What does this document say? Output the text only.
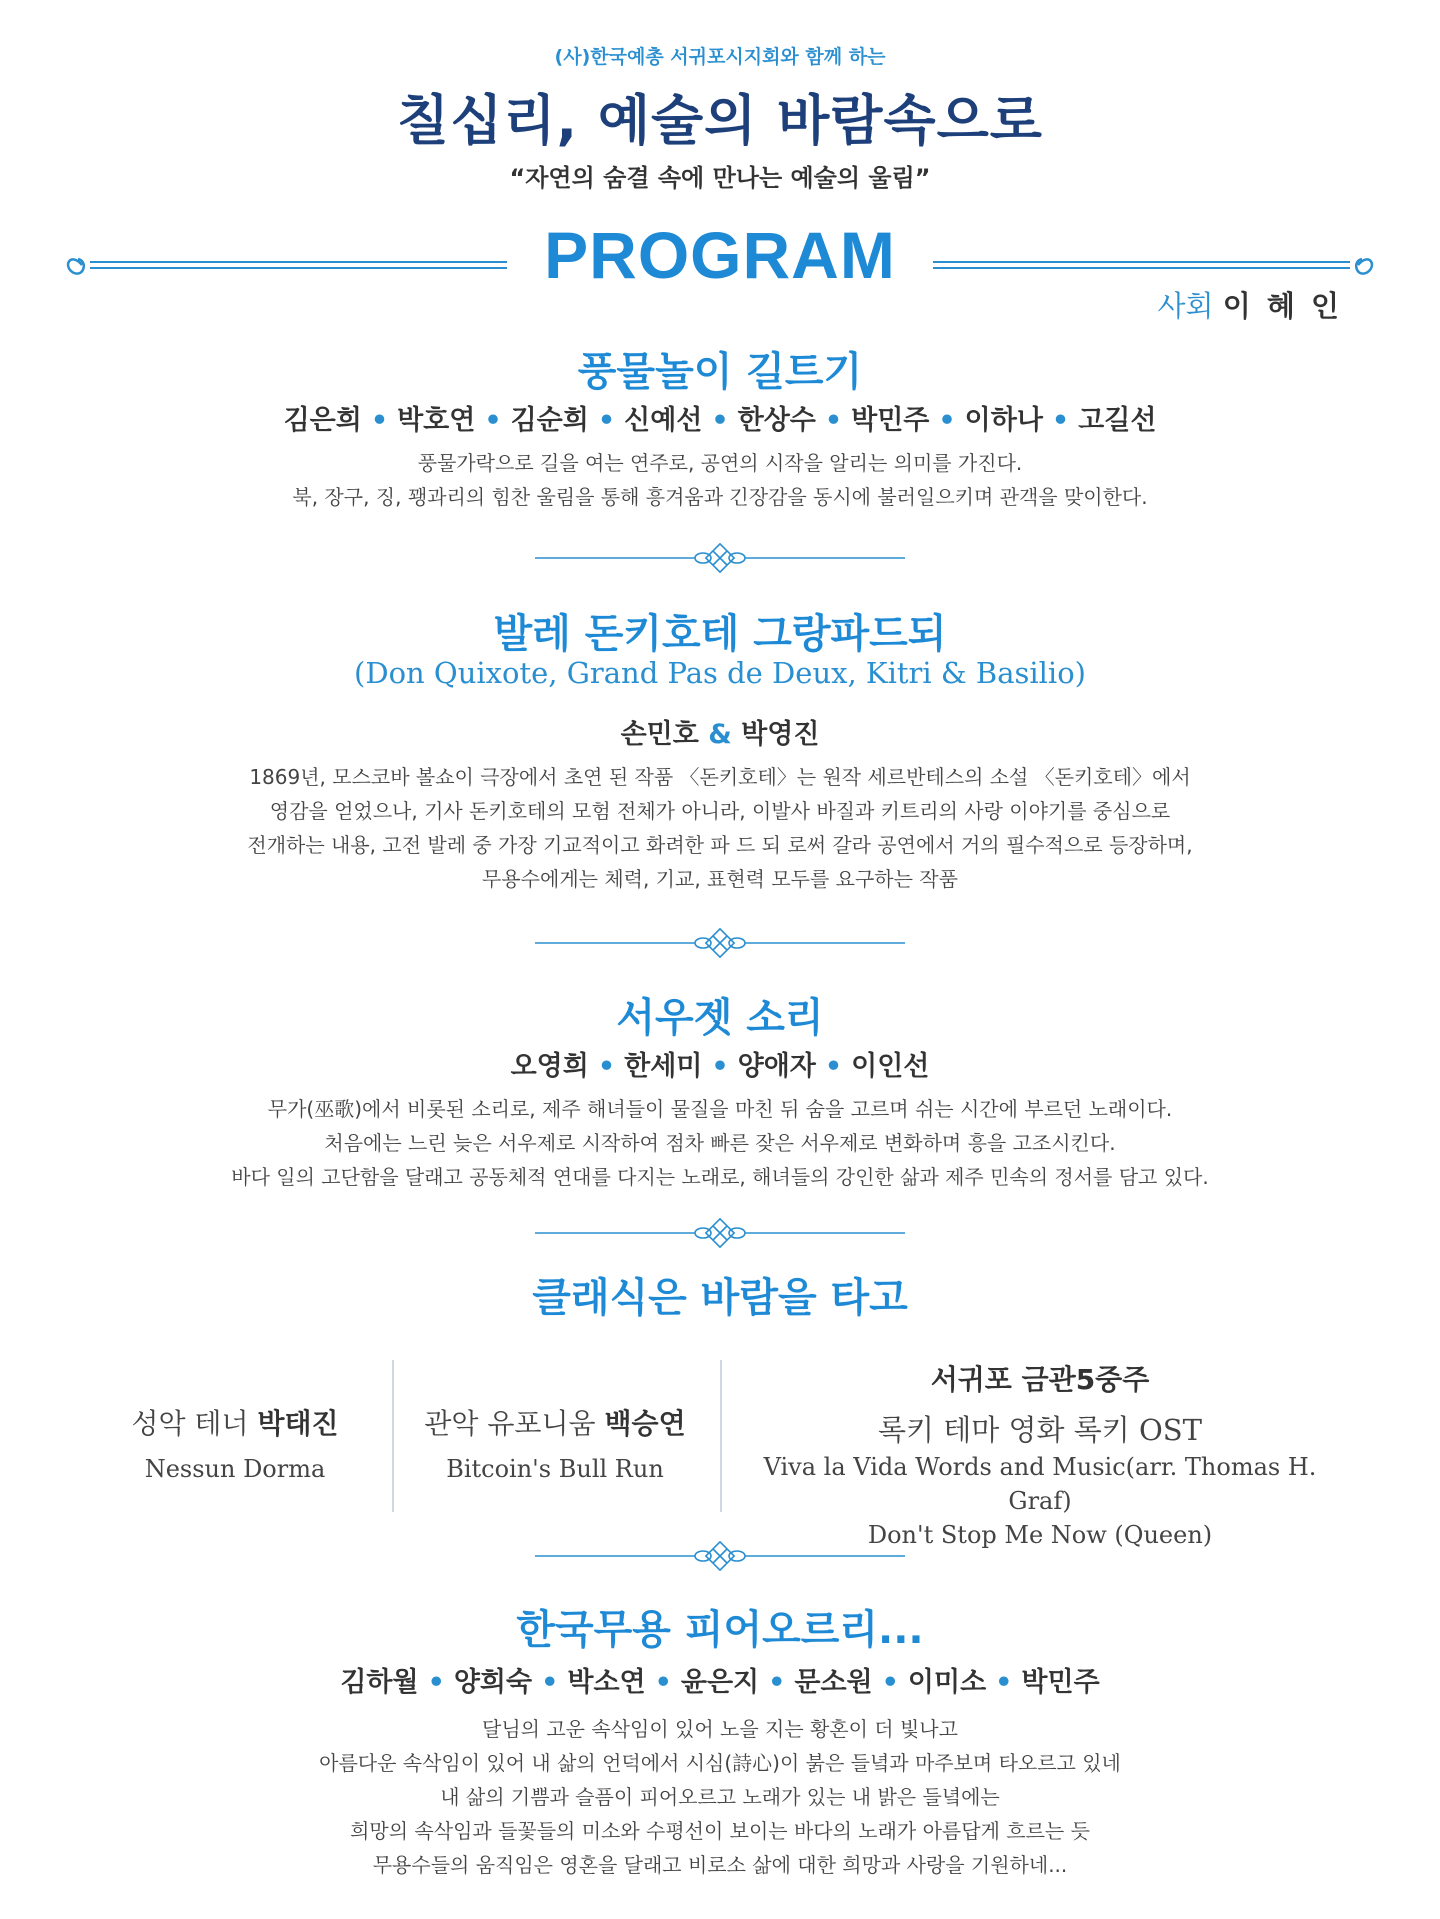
(사)한국예총 서귀포시지회와 함께 하는
칠십리, 예술의 바람속으로
“자연의 숨결 속에 만나는 예술의 울림”
PROGRAM
사회 이 혜 인
풍물놀이 길트기
김은희 • 박호연 • 김순희 • 신예선 • 한상수 • 박민주 • 이하나 • 고길선
풍물가락으로 길을 여는 연주로, 공연의 시작을 알리는 의미를 가진다.
북, 장구, 징, 꽹과리의 힘찬 울림을 통해 흥겨움과 긴장감을 동시에 불러일으키며 관객을 맞이한다.
발레 돈키호테 그랑파드되
(Don Quixote, Grand Pas de Deux, Kitri & Basilio)
손민호 & 박영진
1869년, 모스코바 볼쇼이 극장에서 초연 된 작품 〈돈키호테〉는 원작 세르반테스의 소설 〈돈키호테〉에서
영감을 얻었으나, 기사 돈키호테의 모험 전체가 아니라, 이발사 바질과 키트리의 사랑 이야기를 중심으로
전개하는 내용, 고전 발레 중 가장 기교적이고 화려한 파 드 되 로써 갈라 공연에서 거의 필수적으로 등장하며,
무용수에게는 체력, 기교, 표현력 모두를 요구하는 작품
서우젯 소리
오영희 • 한세미 • 양애자 • 이인선
무가(巫歌)에서 비롯된 소리로, 제주 해녀들이 물질을 마친 뒤 숨을 고르며 쉬는 시간에 부르던 노래이다.
처음에는 느린 늦은 서우제로 시작하여 점차 빠른 잦은 서우제로 변화하며 흥을 고조시킨다.
바다 일의 고단함을 달래고 공동체적 연대를 다지는 노래로, 해녀들의 강인한 삶과 제주 민속의 정서를 담고 있다.
클래식은 바람을 타고
성악 테너 박태진
Nessun Dorma
관악 유포니움 백승연
Bitcoin's Bull Run
서귀포 금관5중주
록키 테마 영화 록키 OST
Viva la Vida Words and Music(arr. Thomas H. Graf)
Don't Stop Me Now (Queen)
한국무용 피어오르리...
김하월 • 양희숙 • 박소연 • 윤은지 • 문소원 • 이미소 • 박민주
달님의 고운 속삭임이 있어 노을 지는 황혼이 더 빛나고
아름다운 속삭임이 있어 내 삶의 언덕에서 시심(詩心)이 붉은 들녘과 마주보며 타오르고 있네
내 삶의 기쁨과 슬픔이 피어오르고 노래가 있는 내 밝은 들녘에는
희망의 속삭임과 들꽃들의 미소와 수평선이 보이는 바다의 노래가 아름답게 흐르는 듯
무용수들의 움직임은 영혼을 달래고 비로소 삶에 대한 희망과 사랑을 기원하네...
